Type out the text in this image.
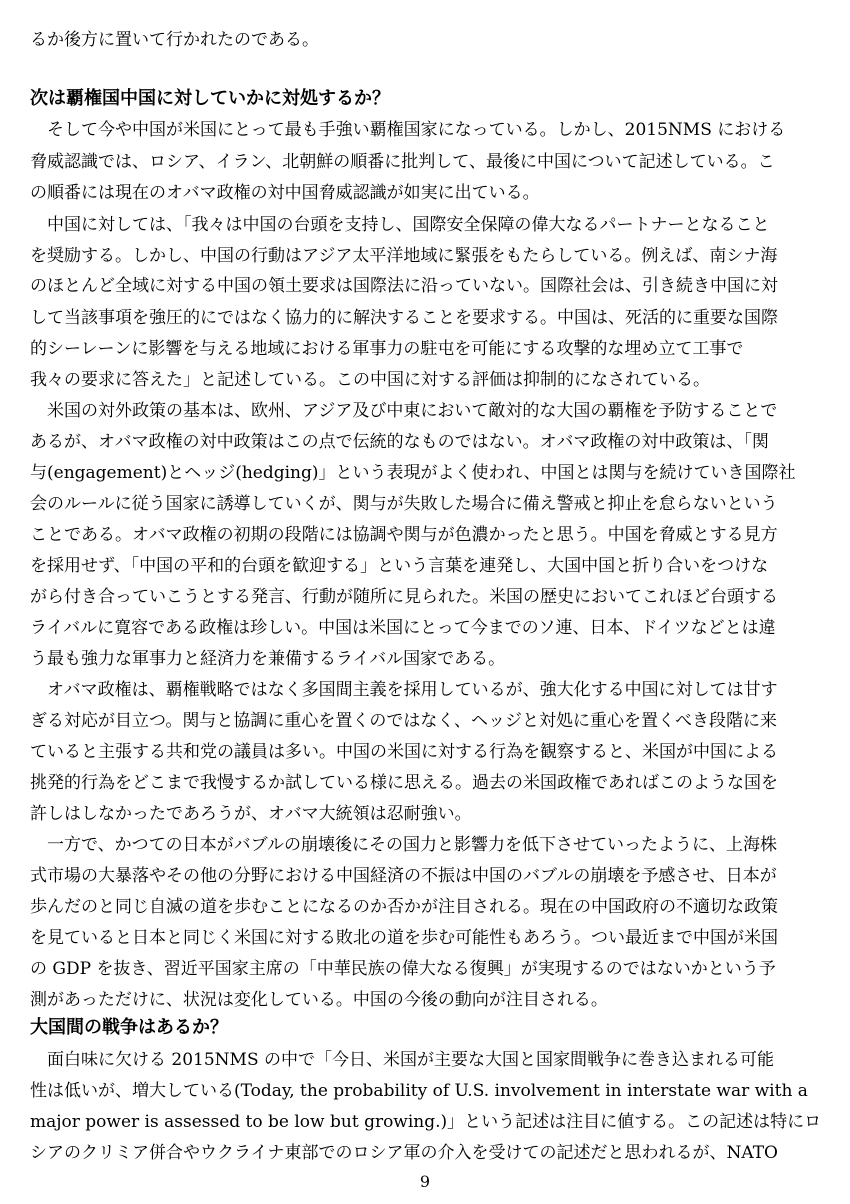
るか後方に置いて行かれたのである。
次は覇権国中国に対していかに対処するか？
　そして今や中国が米国にとって最も手強い覇権国家になっている。しかし、2015NMS における
脅威認識では、ロシア、イラン、北朝鮮の順番に批判して、最後に中国について記述している。こ
の順番には現在のオバマ政権の対中国脅威認識が如実に出ている。
　中国に対しては、「我々は中国の台頭を支持し、国際安全保障の偉大なるパートナーとなること
を奨励する。しかし、中国の行動はアジア太平洋地域に緊張をもたらしている。例えば、南シナ海
のほとんど全域に対する中国の領土要求は国際法に沿っていない。国際社会は、引き続き中国に対
して当該事項を強圧的にではなく協力的に解決することを要求する。中国は、死活的に重要な国際
的シーレーンに影響を与える地域における軍事力の駐屯を可能にする攻撃的な埋め立て工事で
我々の要求に答えた」と記述している。この中国に対する評価は抑制的になされている。
　米国の対外政策の基本は、欧州、アジア及び中東において敵対的な大国の覇権を予防することで
あるが、オバマ政権の対中政策はこの点で伝統的なものではない。オバマ政権の対中政策は、「関
与(engagement)とヘッジ(hedging)」という表現がよく使われ、中国とは関与を続けていき国際社
会のルールに従う国家に誘導していくが、関与が失敗した場合に備え警戒と抑止を怠らないという
ことである。オバマ政権の初期の段階には協調や関与が色濃かったと思う。中国を脅威とする見方
を採用せず、「中国の平和的台頭を歓迎する」という言葉を連発し、大国中国と折り合いをつけな
がら付き合っていこうとする発言、行動が随所に見られた。米国の歴史においてこれほど台頭する
ライバルに寛容である政権は珍しい。中国は米国にとって今までのソ連、日本、ドイツなどとは違
う最も強力な軍事力と経済力を兼備するライバル国家である。
　オバマ政権は、覇権戦略ではなく多国間主義を採用しているが、強大化する中国に対しては甘す
ぎる対応が目立つ。関与と協調に重心を置くのではなく、ヘッジと対処に重心を置くべき段階に来
ていると主張する共和党の議員は多い。中国の米国に対する行為を観察すると、米国が中国による
挑発的行為をどこまで我慢するか試している様に思える。過去の米国政権であればこのような国を
許しはしなかったであろうが、オバマ大統領は忍耐強い。
　一方で、かつての日本がバブルの崩壊後にその国力と影響力を低下させていったように、上海株
式市場の大暴落やその他の分野における中国経済の不振は中国のバブルの崩壊を予感させ、日本が
歩んだのと同じ自滅の道を歩むことになるのか否かが注目される。現在の中国政府の不適切な政策
を見ていると日本と同じく米国に対する敗北の道を歩む可能性もあろう。つい最近まで中国が米国
の GDP を抜き、習近平国家主席の「中華民族の偉大なる復興」が実現するのではないかという予
測があっただけに、状況は変化している。中国の今後の動向が注目される。
大国間の戦争はあるか？
　面白味に欠ける 2015NMS の中で「今日、米国が主要な大国と国家間戦争に巻き込まれる可能
性は低いが、増大している(Today, the probability of U.S. involvement in interstate war with a
major power is assessed to be low but growing.)」という記述は注目に値する。この記述は特にロ
シアのクリミア併合やウクライナ東部でのロシア軍の介入を受けての記述だと思われるが、NATO
9
